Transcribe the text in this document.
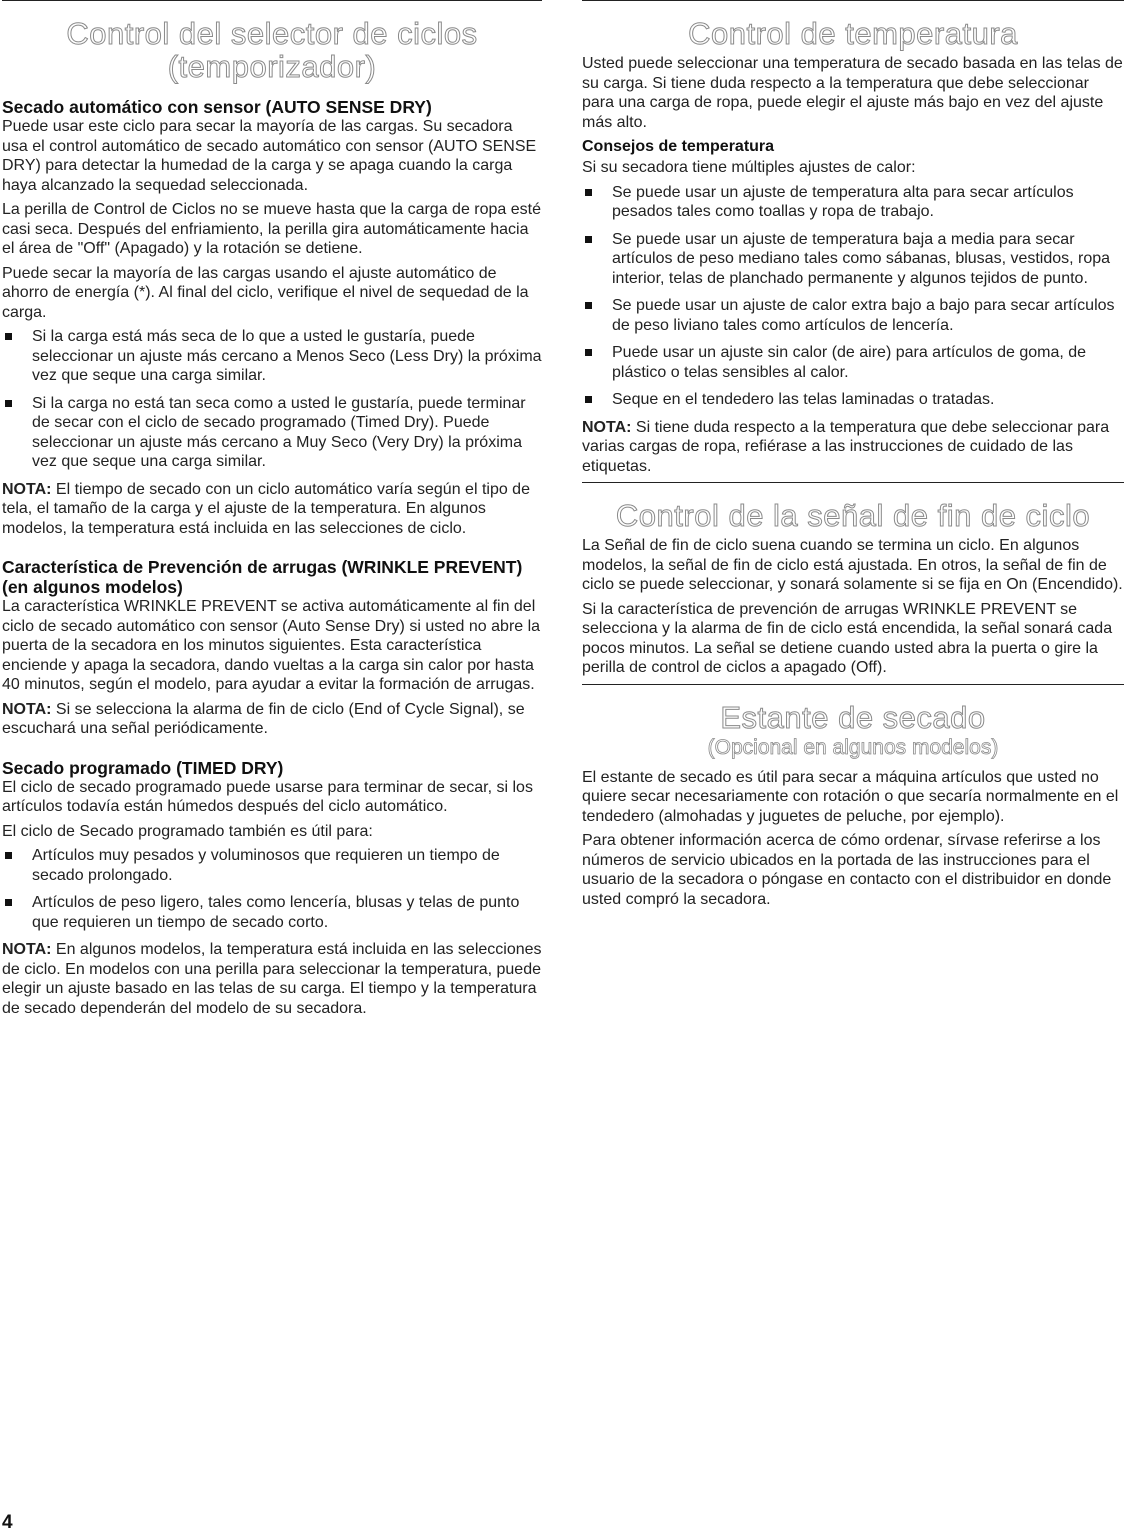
Control del selector de ciclos
(temporizador)
Secado automático con sensor (AUTO SENSE DRY)

Puede usar este ciclo para secar la mayoría de las cargas. Su secadora usa el control automático de secado automático con sensor (AUTO SENSE DRY) para detectar la humedad de la carga y se apaga cuando la carga haya alcanzado la sequedad seleccionada.

La perilla de Control de Ciclos no se mueve hasta que la carga de ropa esté casi seca. Después del enfriamiento, la perilla gira automáticamente hacia el área de "Off" (Apagado) y la rotación se detiene.

Puede secar la mayoría de las cargas usando el ajuste automático de ahorro de energía (*). Al final del ciclo, verifique el nivel de sequedad de la carga.

Si la carga está más seca de lo que a usted le gustaría, puede seleccionar un ajuste más cercano a Menos Seco (Less Dry) la próxima vez que seque una carga similar.
Si la carga no está tan seca como a usted le gustaría, puede terminar de secar con el ciclo de secado programado (Timed Dry). Puede seleccionar un ajuste más cercano a Muy Seco (Very Dry) la próxima vez que seque una carga similar.

NOTA: El tiempo de secado con un ciclo automático varía según el tipo de tela, el tamaño de la carga y el ajuste de la temperatura. En algunos modelos, la temperatura está incluida en las selecciones de ciclo.

Característica de Prevención de arrugas (WRINKLE PREVENT) (en algunos modelos)

La característica WRINKLE PREVENT se activa automáticamente al fin del ciclo de secado automático con sensor (Auto Sense Dry) si usted no abre la puerta de la secadora en los minutos siguientes. Esta característica enciende y apaga la secadora, dando vueltas a la carga sin calor por hasta 40 minutos, según el modelo, para ayudar a evitar la formación de arrugas.

NOTA: Si se selecciona la alarma de fin de ciclo (End of Cycle Signal), se escuchará una señal periódicamente.

Secado programado (TIMED DRY)

El ciclo de secado programado puede usarse para terminar de secar, si los artículos todavía están húmedos después del ciclo automático.

El ciclo de Secado programado también es útil para:

Artículos muy pesados y voluminosos que requieren un tiempo de secado prolongado.
Artículos de peso ligero, tales como lencería, blusas y telas de punto que requieren un tiempo de secado corto.

NOTA: En algunos modelos, la temperatura está incluida en las selecciones de ciclo. En modelos con una perilla para seleccionar la temperatura, puede elegir un ajuste basado en las telas de su carga. El tiempo y la temperatura de secado dependerán del modelo de su secadora.

Control de temperatura

Usted puede seleccionar una temperatura de secado basada en las telas de su carga. Si tiene duda respecto a la temperatura que debe seleccionar para una carga de ropa, puede elegir el ajuste más bajo en vez del ajuste más alto.

Consejos de temperatura

Si su secadora tiene múltiples ajustes de calor:

Se puede usar un ajuste de temperatura alta para secar artículos pesados tales como toallas y ropa de trabajo.
Se puede usar un ajuste de temperatura baja a media para secar artículos de peso mediano tales como sábanas, blusas, vestidos, ropa interior, telas de planchado permanente y algunos tejidos de punto.
Se puede usar un ajuste de calor extra bajo a bajo para secar artículos de peso liviano tales como artículos de lencería.
Puede usar un ajuste sin calor (de aire) para artículos de goma, de plástico o telas sensibles al calor.
Seque en el tendedero las telas laminadas o tratadas.

NOTA: Si tiene duda respecto a la temperatura que debe seleccionar para varias cargas de ropa, refiérase a las instrucciones de cuidado de las etiquetas.

Control de la señal de fin de ciclo

La Señal de fin de ciclo suena cuando se termina un ciclo. En algunos modelos, la señal de fin de ciclo está ajustada. En otros, la señal de fin de ciclo se puede seleccionar, y sonará solamente si se fija en On (Encendido).

Si la característica de prevención de arrugas WRINKLE PREVENT se selecciona y la alarma de fin de ciclo está encendida, la señal sonará cada pocos minutos. La señal se detiene cuando usted abra la puerta o gire la perilla de control de ciclos a apagado (Off).

Estante de secado
(Opcional en algunos modelos)

El estante de secado es útil para secar a máquina artículos que usted no quiere secar necesariamente con rotación o que secaría normalmente en el tendedero (almohadas y juguetes de peluche, por ejemplo).

Para obtener información acerca de cómo ordenar, sírvase referirse a los números de servicio ubicados en la portada de las instrucciones para el usuario de la secadora o póngase en contacto con el distribuidor en donde usted compró la secadora.

4
